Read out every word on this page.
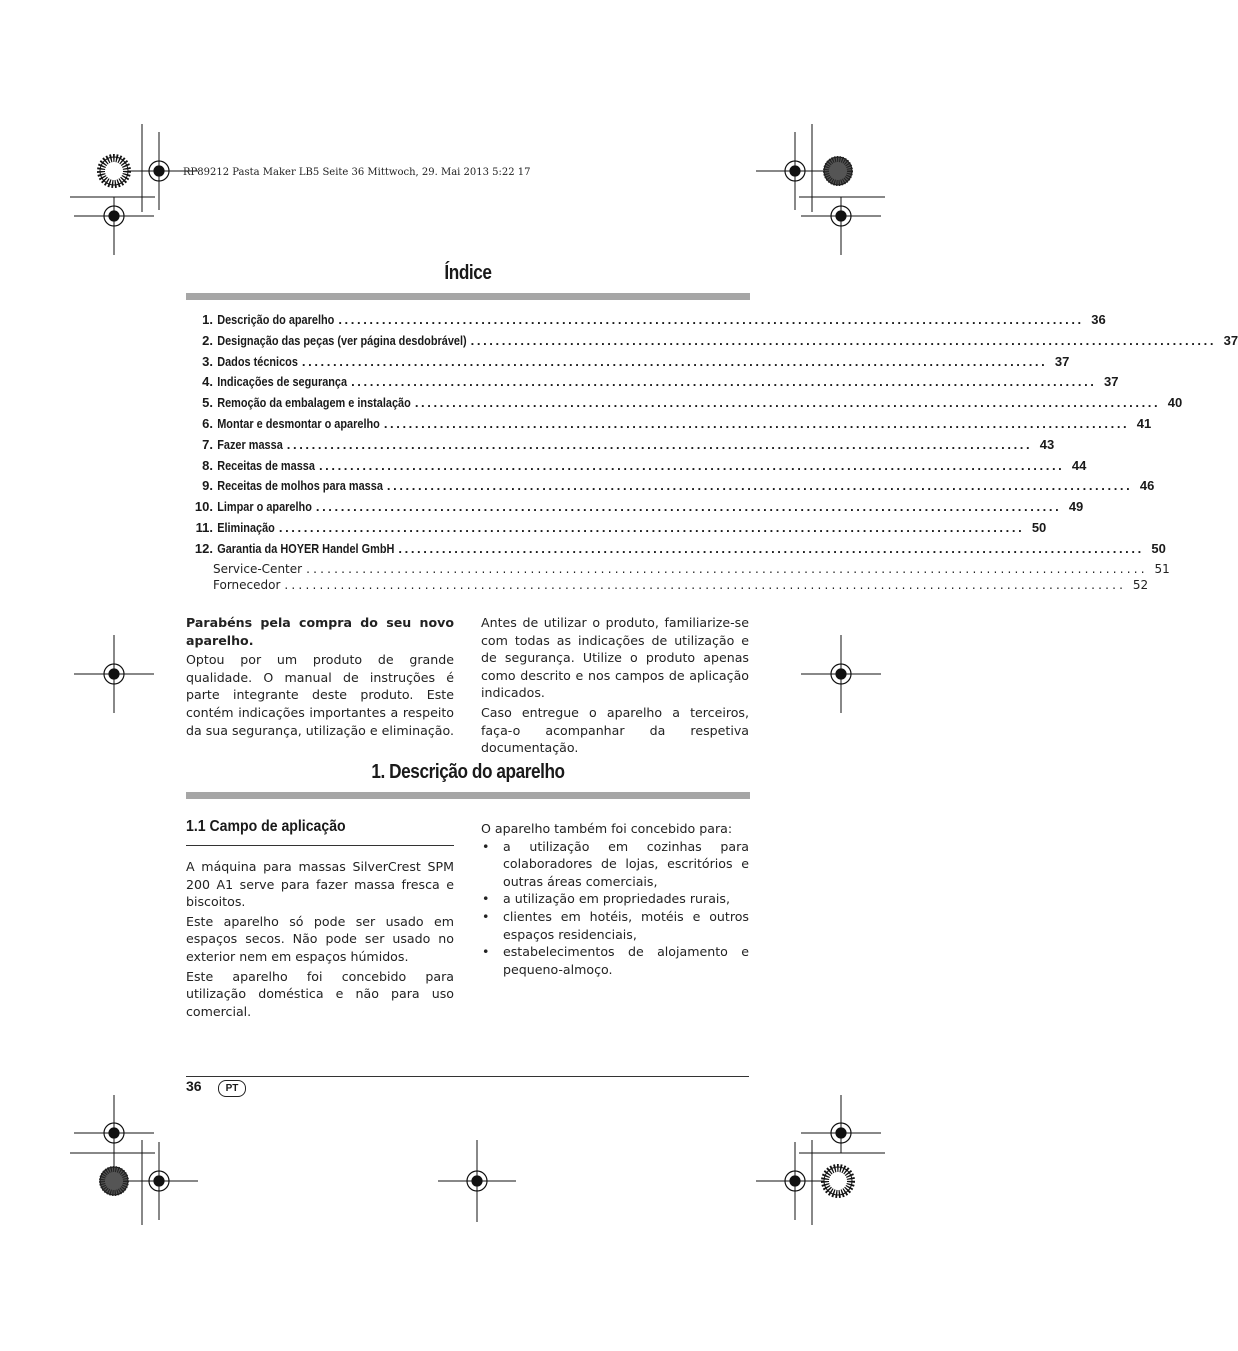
RP89212 Pasta Maker LB5 Seite 36 Mittwoch, 29. Mai 2013 5:22 17
Índice
1. Descrição do aparelho ........................................................................................................................ 36
2. Designação das peças (ver página desdobrável) ........................................................................................................................ 37
3. Dados técnicos ........................................................................................................................ 37
4. Indicações de segurança ........................................................................................................................ 37
5. Remoção da embalagem e instalação ........................................................................................................................ 40
6. Montar e desmontar o aparelho ........................................................................................................................ 41
7. Fazer massa ........................................................................................................................ 43
8. Receitas de massa ........................................................................................................................ 44
9. Receitas de molhos para massa ........................................................................................................................ 46
10. Limpar o aparelho ........................................................................................................................ 49
11. Eliminação ........................................................................................................................ 50
12. Garantia da HOYER Handel GmbH ........................................................................................................................ 50
Service-Center ........................................................................................................................ 51
Fornecedor ........................................................................................................................ 52

Parabéns pela compra do seu novo aparelho.

Optou por um produto de grande qualidade. O manual de instruções é parte integrante deste produto. Este contém indicações importantes a respeito da sua segurança, utilização e eliminação.

Antes de utilizar o produto, familiarize-se com todas as indicações de utilização e de segurança. Utilize o produto apenas como descrito e nos campos de aplicação indicados.

Caso entregue o aparelho a terceiros, faça-o acompanhar da respetiva documentação.

1. Descrição do aparelho
1.1 Campo de aplicação

A máquina para massas SilverCrest SPM 200 A1 serve para fazer massa fresca e biscoitos.

Este aparelho só pode ser usado em espaços secos. Não pode ser usado no exterior nem em espaços húmidos.

Este aparelho foi concebido para utilização doméstica e não para uso comercial.

O aparelho também foi concebido para:

• a utilização em cozinhas para colaboradores de lojas, escritórios e outras áreas comerciais,
• a utilização em propriedades rurais,
• clientes em hotéis, motéis e outros espaços residenciais,
• estabelecimentos de alojamento e pequeno-almoço.
36	PT
